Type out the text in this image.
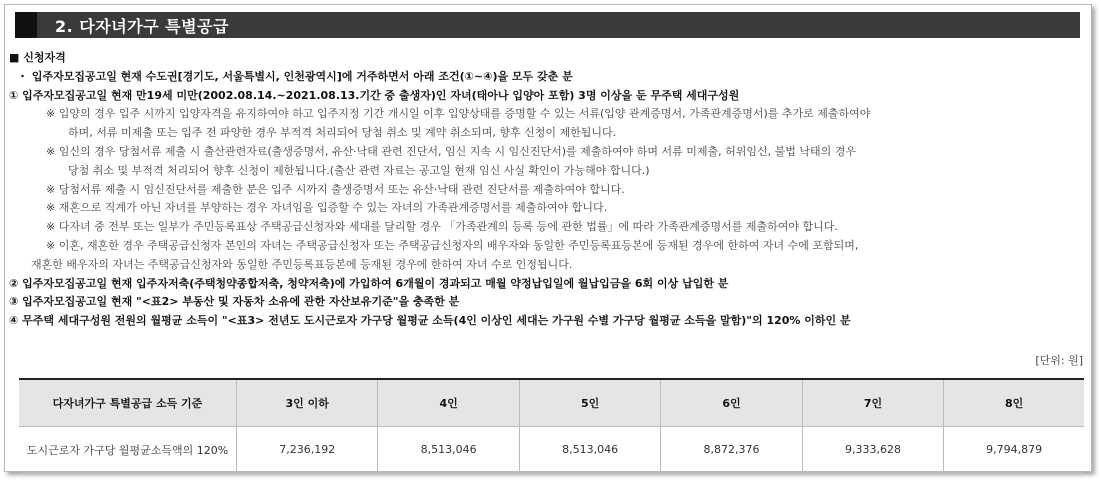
2. 다자녀가구 특별공급
■ 신청자격
・ 입주자모집공고일 현재 수도권[경기도, 서울특별시, 인천광역시]에 거주하면서 아래 조건(①~④)을 모두 갖춘 분
① 입주자모집공고일 현재 만19세 미만(2002.08.14.~2021.08.13.기간 중 출생자)인 자녀(태아나 입양아 포함) 3명 이상을 둔 무주택 세대구성원
※ 입양의 경우 입주 시까지 입양자격을 유지하여야 하고 입주지정 기간 개시일 이후 입양상태를 증명할 수 있는 서류(입양 관계증명서, 가족관계증명서)를 추가로 제출하여야
하며, 서류 미제출 또는 입주 전 파양한 경우 부적격 처리되어 당첨 취소 및 계약 취소되며, 향후 신청이 제한됩니다.
※ 임신의 경우 당첨서류 제출 시 출산관련자료(출생증명서, 유산·낙태 관련 진단서, 임신 지속 시 임신진단서)를 제출하여야 하며 서류 미제출, 허위임신, 불법 낙태의 경우
당첨 취소 및 부적격 처리되어 향후 신청이 제한됩니다.(출산 관련 자료는 공고일 현재 임신 사실 확인이 가능해야 합니다.)
※ 당첨서류 제출 시 임신진단서를 제출한 분은 입주 시까지 출생증명서 또는 유산·낙태 관련 진단서를 제출하여야 합니다.
※ 재혼으로 직계가 아닌 자녀를 부양하는 경우 자녀임을 입증할 수 있는 자녀의 가족관계증명서를 제출하여야 합니다.
※ 다자녀 중 전부 또는 일부가 주민등록표상 주택공급신청자와 세대를 달리할 경우 「가족관계의 등록 등에 관한 법률」에 따라 가족관계증명서를 제출하여야 합니다.
※ 이혼, 재혼한 경우 주택공급신청자 본인의 자녀는 주택공급신청자 또는 주택공급신청자의 배우자와 동일한 주민등록표등본에 등재된 경우에 한하여 자녀 수에 포함되며,
재혼한 배우자의 자녀는 주택공급신청자와 동일한 주민등록표등본에 등재된 경우에 한하여 자녀 수로 인정됩니다.
② 입주자모집공고일 현재 입주자저축(주택청약종합저축, 청약저축)에 가입하여 6개월이 경과되고 매월 약정납입일에 월납입금을 6회 이상 납입한 분
③ 입주자모집공고일 현재 "<표2> 부동산 및 자동차 소유에 관한 자산보유기준"을 충족한 분
④ 무주택 세대구성원 전원의 월평균 소득이 "<표3> 전년도 도시근로자 가구당 월평균 소득(4인 이상인 세대는 가구원 수별 가구당 월평균 소득을 말함)"의 120% 이하인 분
[단위: 원]
다자녀가구 특별공급 소득 기준	3인 이하	4인	5인	6인	7인	8인
도시근로자 가구당 월평균소득액의 120%	7,236,192	8,513,046	8,513,046	8,872,376	9,333,628	9,794,879
